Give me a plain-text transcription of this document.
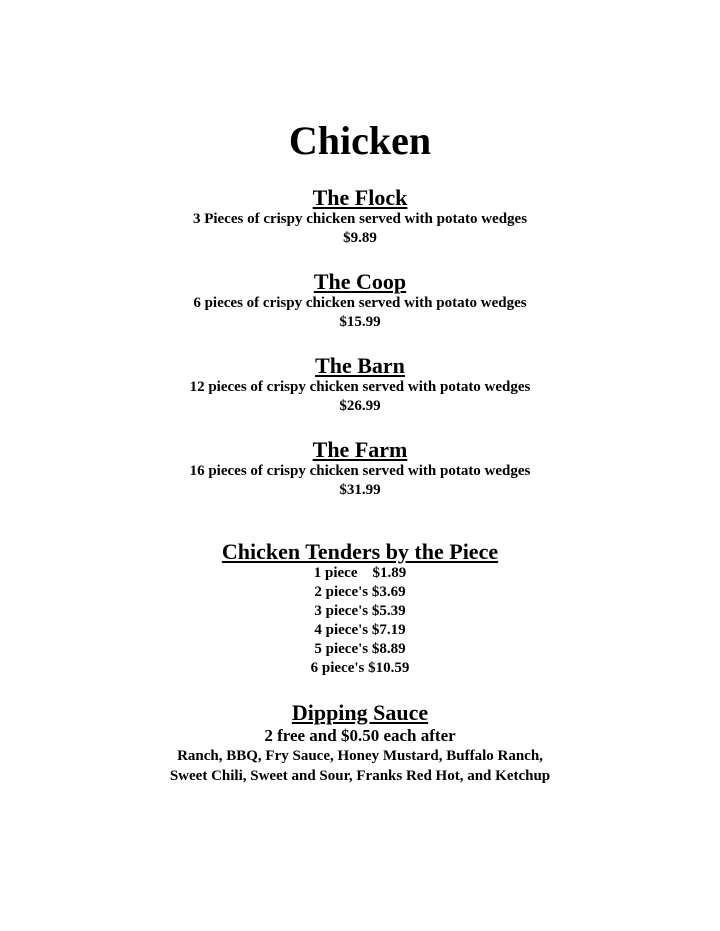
Chicken

The Flock

3 Pieces of crispy chicken served with potato wedges

$9.89

The Coop

6 pieces of crispy chicken served with potato wedges

$15.99

The Barn

12 pieces of crispy chicken served with potato wedges

$26.99

The Farm

16 pieces of crispy chicken served with potato wedges

$31.99

Chicken Tenders by the Piece

1 piece    $1.89
2 piece's $3.69
3 piece's $5.39
4 piece's $7.19
5 piece's $8.89
6 piece's $10.59

Dipping Sauce

2 free and $0.50 each after

Ranch, BBQ, Fry Sauce, Honey Mustard, Buffalo Ranch,

Sweet Chili, Sweet and Sour, Franks Red Hot, and Ketchup
